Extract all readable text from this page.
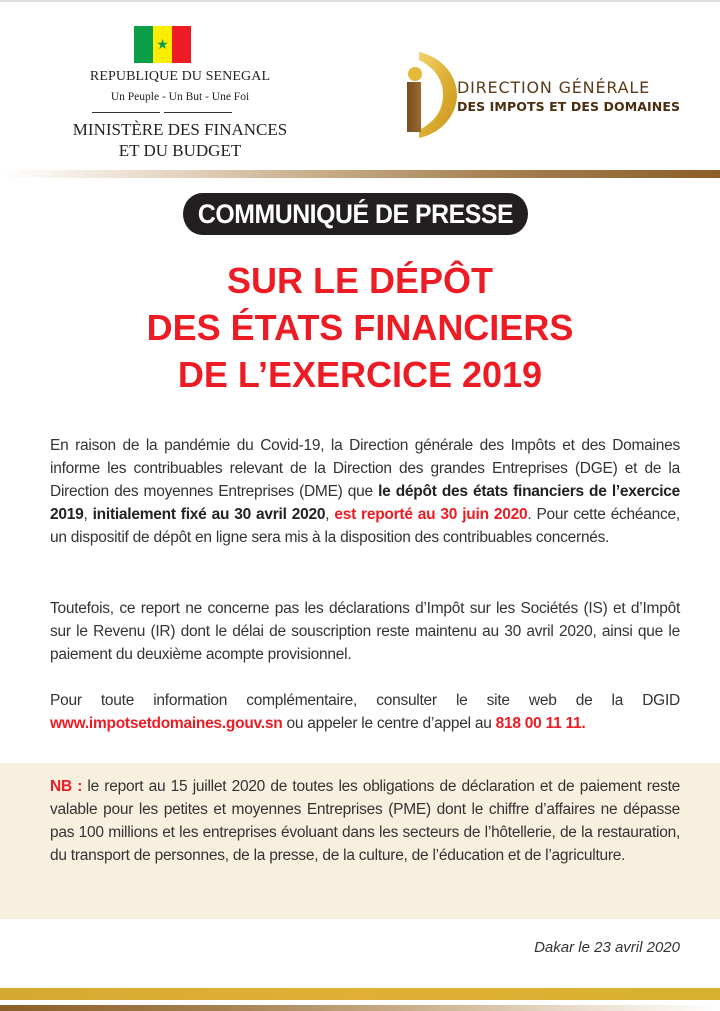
★
REPUBLIQUE DU SENEGAL
Un Peuple - Un But - Une Foi
MINISTÈRE DES FINANCES
ET DU BUDGET
DIRECTION GÉNÉRALE
DES IMPOTS ET DES DOMAINES
COMMUNIQUÉ DE PRESSE
SUR LE DÉPÔT
DES ÉTATS FINANCIERS
DE L’EXERCICE 2019
En raison de la pandémie du Covid-19, la Direction générale des Impôts et des Domaines informe les contribuables relevant de la Direction des grandes Entreprises (DGE) et de la Direction des moyennes Entreprises (DME) que le dépôt des états financiers de l’exercice 2019, initialement fixé au 30 avril 2020, est reporté au 30 juin 2020. Pour cette échéance, un dispositif de dépôt en ligne sera mis à la disposition des contribuables concernés.
Toutefois, ce report ne concerne pas les déclarations d’Impôt sur les Sociétés (IS) et d’Impôt sur le Revenu (IR) dont le délai de souscription reste maintenu au 30 avril 2020, ainsi que le paiement du deuxième acompte provisionnel.
Pour toute information complémentaire, consulter le site web de la DGID www.impotsetdomaines.gouv.sn ou appeler le centre d’appel au 818 00 11 11.
NB : le report au 15 juillet 2020 de toutes les obligations de déclaration et de paiement reste valable pour les petites et moyennes Entreprises (PME) dont le chiffre d’affaires ne dépasse pas 100 millions et les entreprises évoluant dans les secteurs de l’hôtellerie, de la restauration, du transport de personnes, de la presse, de la culture, de l’éducation et de l’agriculture.
Dakar le 23 avril 2020
